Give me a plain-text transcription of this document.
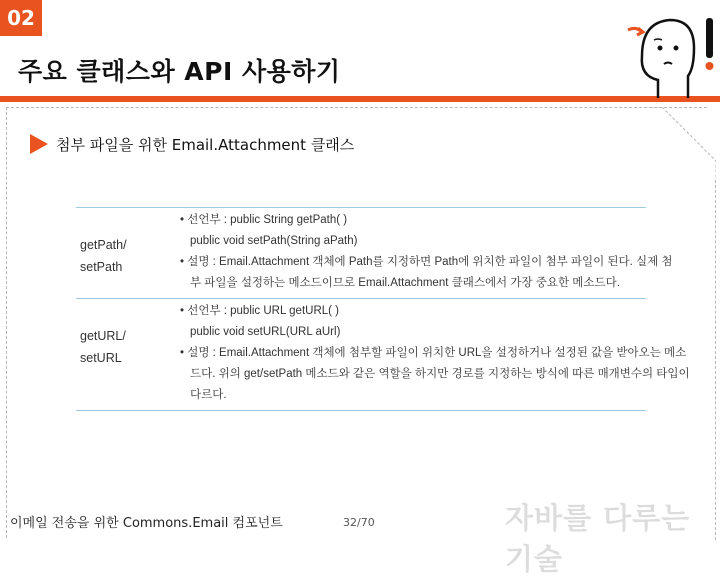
02
주요 클래스와 API 사용하기
첨부 파일을 위한 Email.Attachment 클래스
getPath/
setPath
• 선언부 : public String getPath( )
public void setPath(String aPath)
• 설명 : Email.Attachment 객체에 Path를 지정하면 Path에 위치한 파일이 첨부 파일이 된다. 실제 첨
부 파일을 설정하는 메소드이므로 Email.Attachment 클래스에서 가장 중요한 메소드다.
getURL/
setURL
• 선언부 : public URL getURL( )
public void setURL(URL aUrl)
• 설명 : Email.Attachment 객체에 첨부할 파일이 위치한 URL을 설정하거나 설정된 값을 받아오는 메소
드다. 위의 get/setPath 메소드와 같은 역할을 하지만 경로를 지정하는 방식에 따른 매개변수의 타입이
다르다.
이메일 전송을 위한 Commons.Email 컴포넌트	32/70	자바를 다루는 기술
